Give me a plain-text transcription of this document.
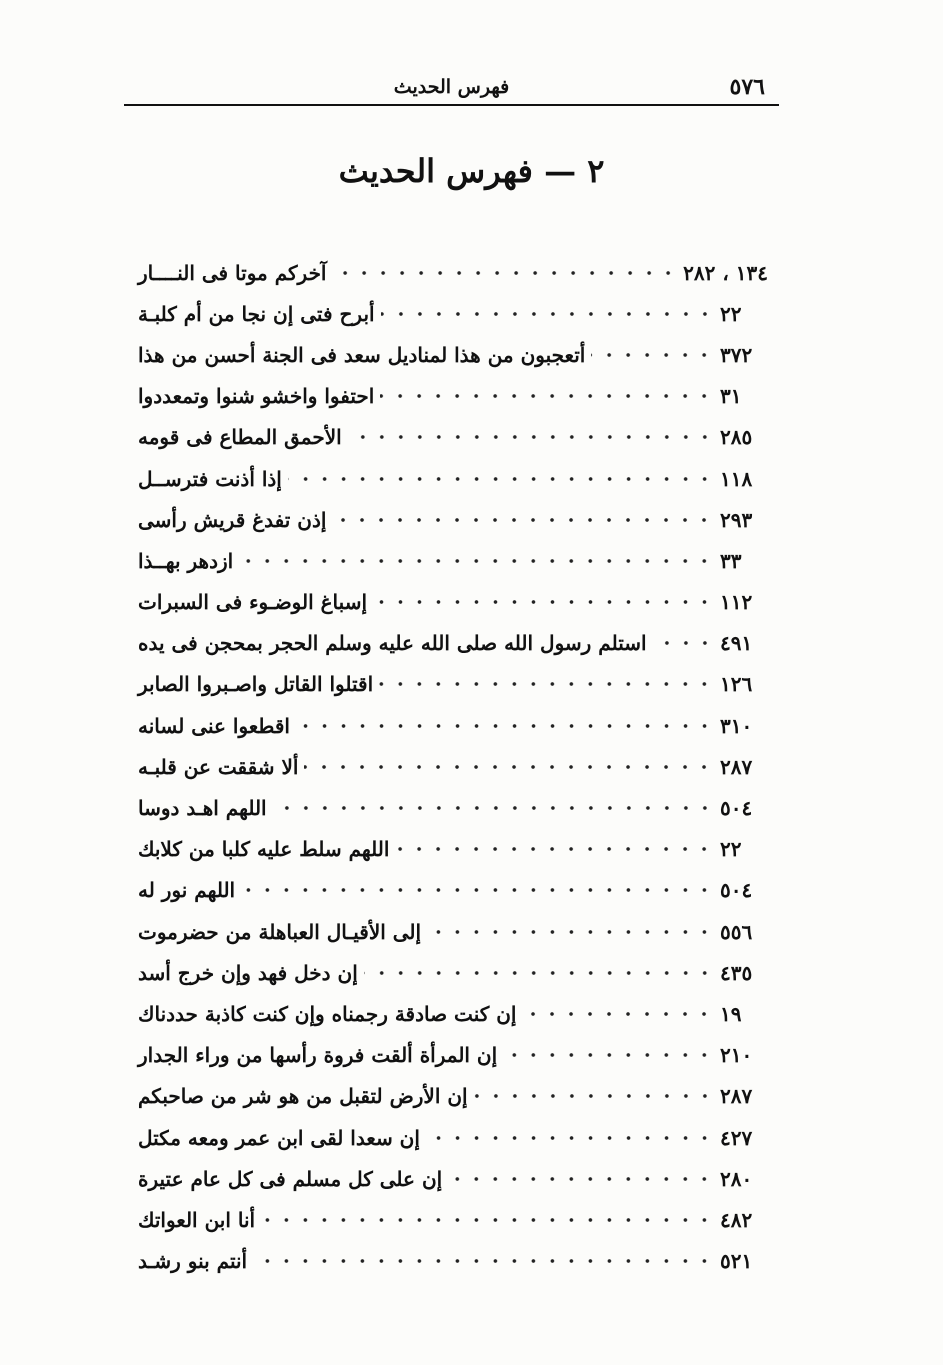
٥٧٦
فهرس الحديث
٢ — فهرس الحديث
آخركم موتا فى النــــار	١٣٤ ، ٢٨٢
أبرح فتى إن نجا من أم كلبـة	٢٢
أتعجبون من هذا لمناديل سعد فى الجنة أحسن من هذا	٣٧٢
احتفوا واخشو شنوا وتمعددوا	٣١
الأحمق المطاع فى قومه	٢٨٥
إذا أذنت فترســل	١١٨
إذن تفدغ قريش رأسى	٢٩٣
ازدهر بهــذا	٣٣
إسباغ الوضـوء فى السبرات	١١٢
استلم رسول الله صلى الله عليه وسلم الحجر بمحجن فى يده	٤٩١
اقتلوا القاتل واصـبروا الصابر	١٢٦
اقطعوا عنى لسانه	٣١٠
ألا شققت عن قلبـه	٢٨٧
اللهم اهـد دوسا	٥٠٤
اللهم سلط عليه كلبا من كلابك	٢٢
اللهم نور له	٥٠٤
إلى الأقيـال العباهلة من حضرموت	٥٥٦
إن دخل فهد وإن خرج أسد	٤٣٥
إن كنت صادقة رجمناه وإن كنت كاذبة حددناك	١٩
إن المرأة ألقت فروة رأسها من وراء الجدار	٢١٠
إن الأرض لتقبل من هو شر من صاحبكم	٢٨٧
إن سعدا لقى ابن عمر ومعه مكتل	٤٢٧
إن على كل مسلم فى كل عام عتيرة	٢٨٠
أنا ابن العواتك	٤٨٢
أنتم بنو رشـد	٥٢١
